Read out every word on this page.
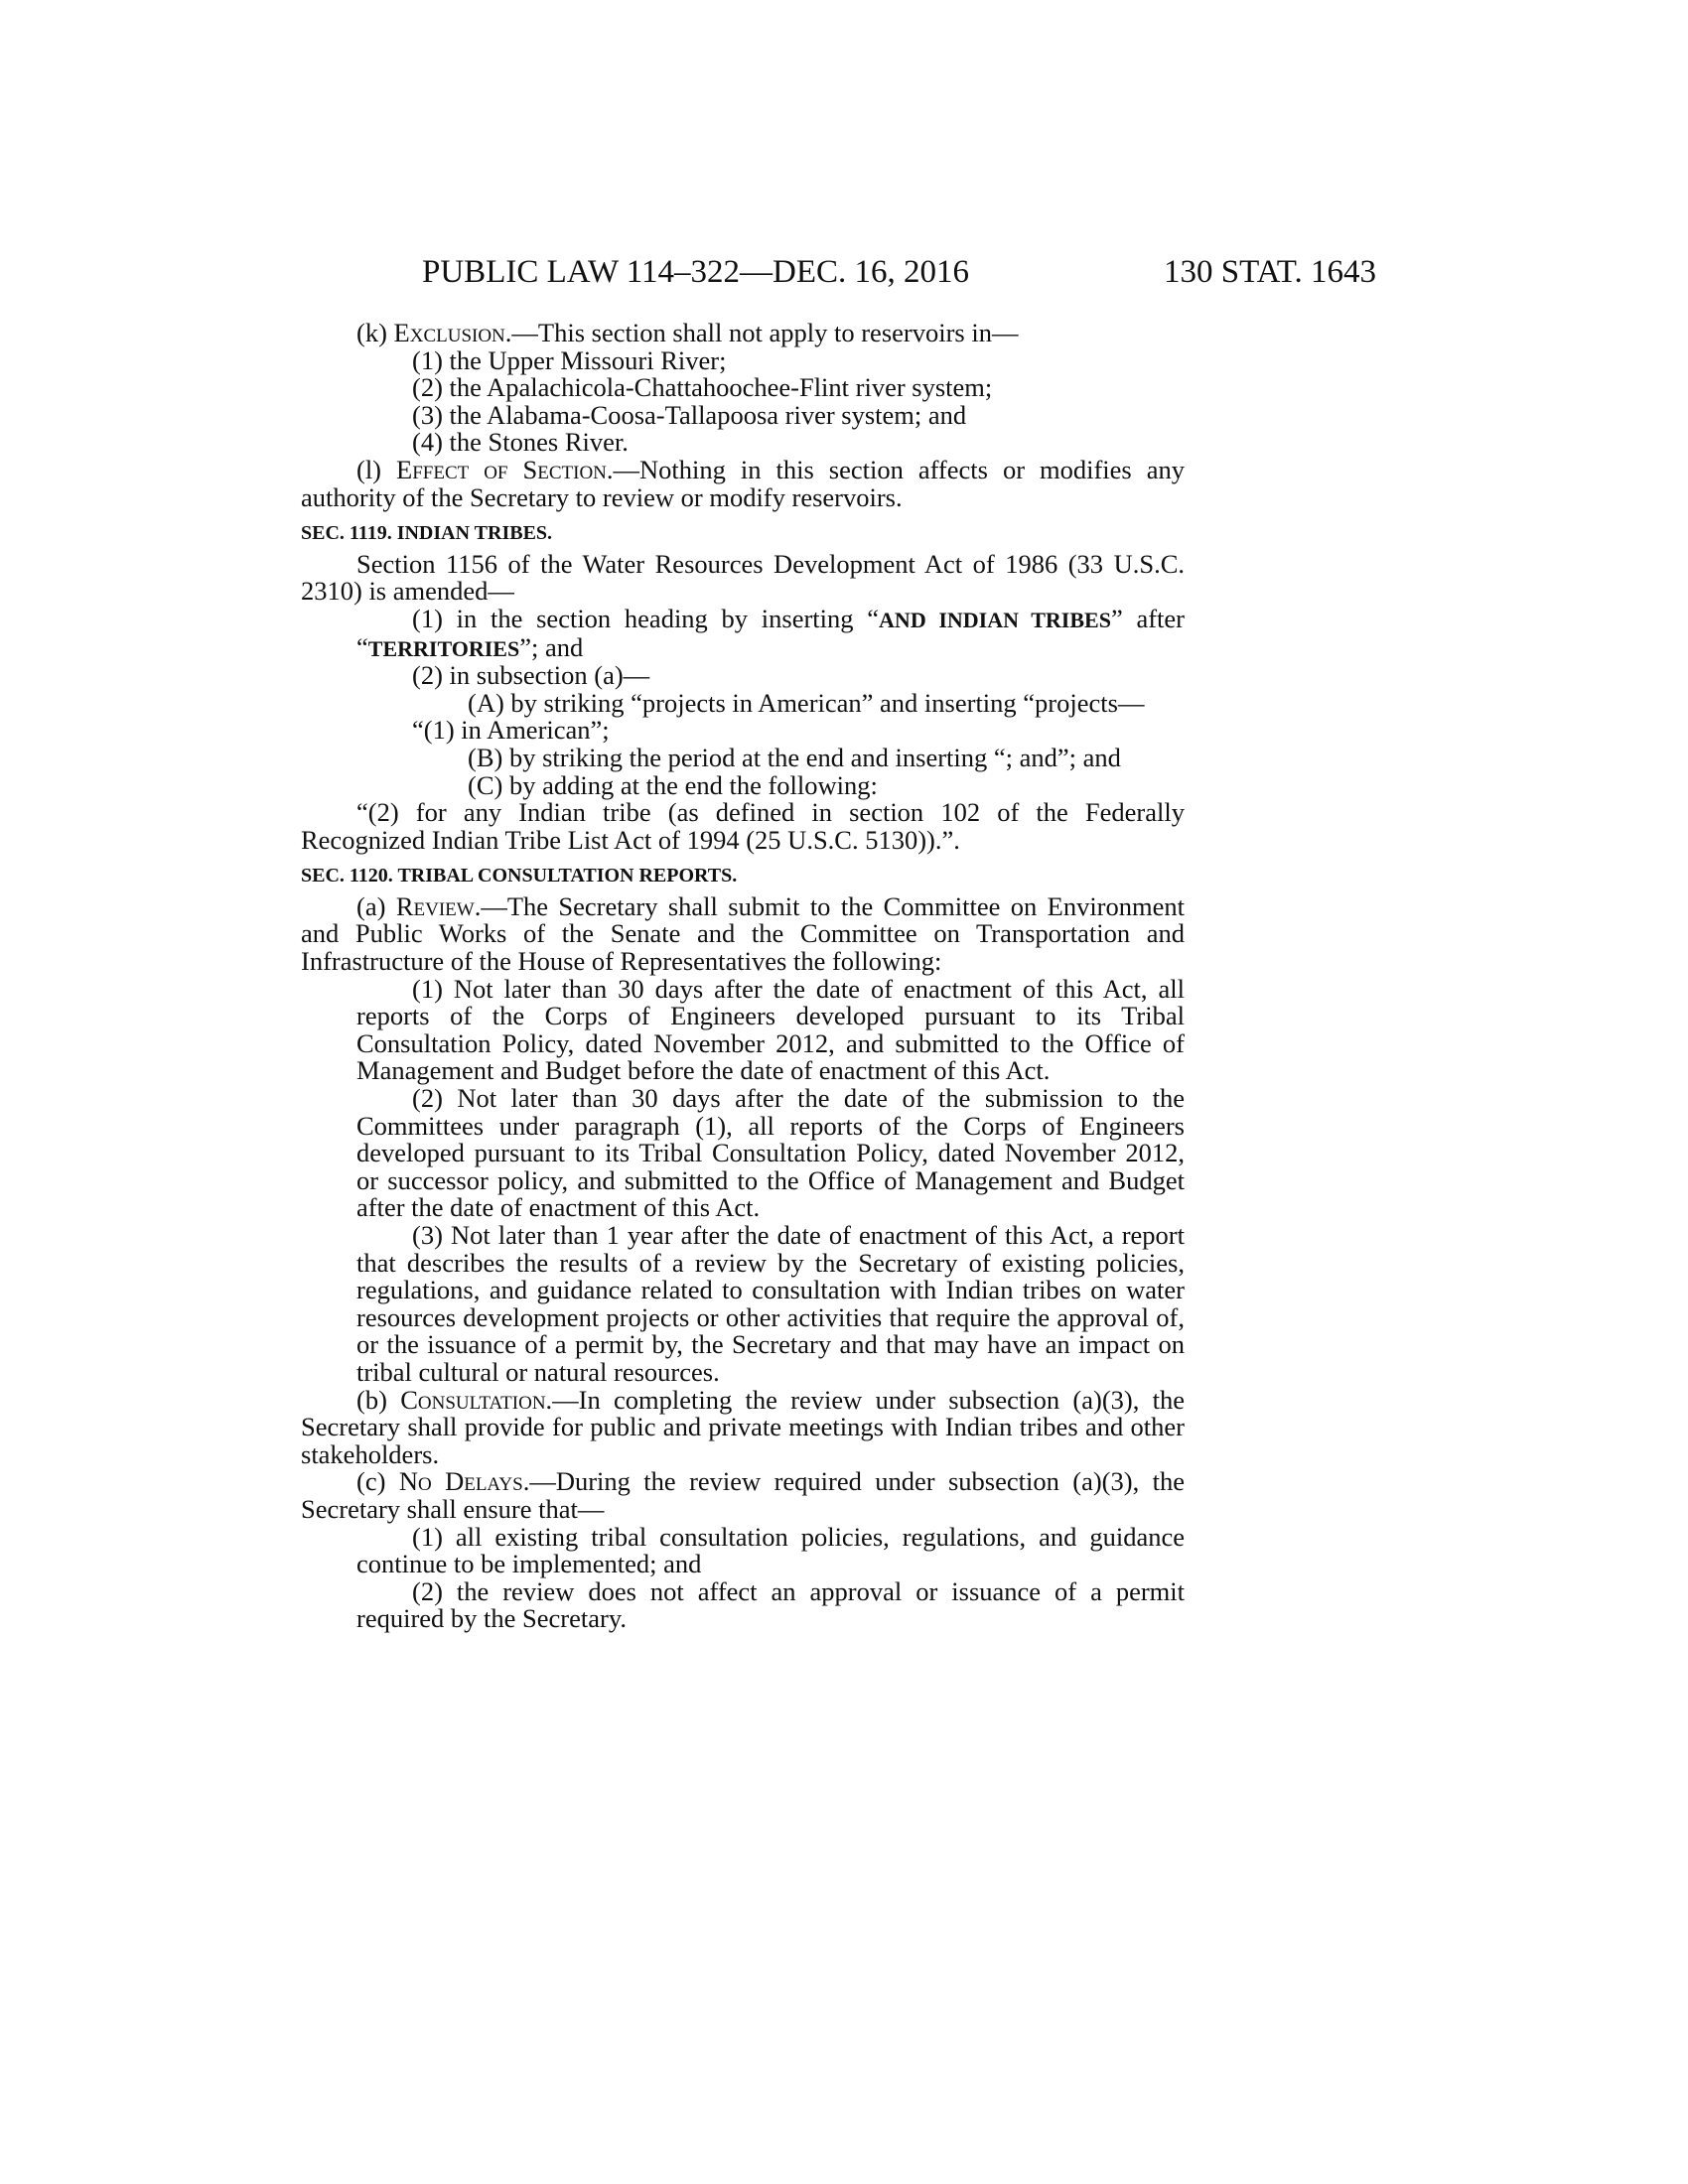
PUBLIC LAW 114–322—DEC. 16, 2016	130 STAT. 1643

(k) Exclusion.—This section shall not apply to reservoirs in—

(1) the Upper Missouri River;

(2) the Apalachicola-Chattahoochee-Flint river system;

(3) the Alabama-Coosa-Tallapoosa river system; and

(4) the Stones River.

(l) Effect of Section.—Nothing in this section affects or modifies any authority of the Secretary to review or modify reservoirs.

SEC. 1119. INDIAN TRIBES.

Section 1156 of the Water Resources Development Act of 1986 (33 U.S.C. 2310) is amended—

(1) in the section heading by inserting “AND INDIAN TRIBES” after “TERRITORIES”; and

(2) in subsection (a)—

(A) by striking “projects in American” and inserting “projects—

“(1) in American”;

(B) by striking the period at the end and inserting “; and”; and

(C) by adding at the end the following:

“(2) for any Indian tribe (as defined in section 102 of the Federally Recognized Indian Tribe List Act of 1994 (25 U.S.C. 5130)).”.

SEC. 1120. TRIBAL CONSULTATION REPORTS.

(a) Review.—The Secretary shall submit to the Committee on Environment and Public Works of the Senate and the Committee on Transportation and Infrastructure of the House of Representatives the following:

(1) Not later than 30 days after the date of enactment of this Act, all reports of the Corps of Engineers developed pursuant to its Tribal Consultation Policy, dated November 2012, and submitted to the Office of Management and Budget before the date of enactment of this Act.

(2) Not later than 30 days after the date of the submission to the Committees under paragraph (1), all reports of the Corps of Engineers developed pursuant to its Tribal Consultation Policy, dated November 2012, or successor policy, and submitted to the Office of Management and Budget after the date of enactment of this Act.

(3) Not later than 1 year after the date of enactment of this Act, a report that describes the results of a review by the Secretary of existing policies, regulations, and guidance related to consultation with Indian tribes on water resources development projects or other activities that require the approval of, or the issuance of a permit by, the Secretary and that may have an impact on tribal cultural or natural resources.

(b) Consultation.—In completing the review under subsection (a)(3), the Secretary shall provide for public and private meetings with Indian tribes and other stakeholders.

(c) No Delays.—During the review required under subsection (a)(3), the Secretary shall ensure that—

(1) all existing tribal consultation policies, regulations, and guidance continue to be implemented; and

(2) the review does not affect an approval or issuance of a permit required by the Secretary.
